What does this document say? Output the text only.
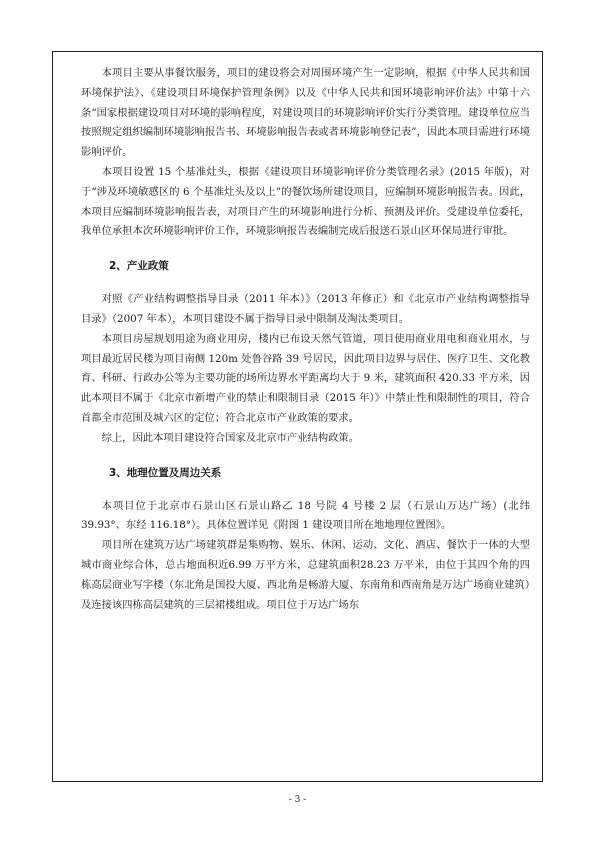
本项目主要从事餐饮服务，项目的建设将会对周围环境产生一定影响，根据《中华人民共和国环境保护法》、《建设项目环境保护管理条例》以及《中华人民共和国环境影响评价法》中第十六条“国家根据建设项目对环境的影响程度，对建设项目的环境影响评价实行分类管理。建设单位应当按照规定组织编制环境影响报告书、环境影响报告表或者环境影响登记表”，因此本项目需进行环境影响评价。

本项目设置 15 个基准灶头，根据《建设项目环境影响评价分类管理名录》(2015 年版)，对于“涉及环境敏感区的 6 个基准灶头及以上”的餐饮场所建设项目，应编制环境影响报告表。因此，本项目应编制环境影响报告表，对项目产生的环境影响进行分析、预测及评价。受建设单位委托，我单位承担本次环境影响评价工作，环境影响报告表编制完成后报送石景山区环保局进行审批。

2、产业政策

对照《产业结构调整指导目录（2011 年本）》（2013 年修正）和《北京市产业结构调整指导目录》（2007 年本），本项目建设不属于指导目录中限制及淘汰类项目。

本项目房屋规划用途为商业用房，楼内已布设天然气管道，项目使用商业用电和商业用水，与项目最近居民楼为项目南侧 120m 处鲁谷路 39 号居民，因此项目边界与居住、医疗卫生、文化教育、科研、行政办公等为主要功能的场所边界水平距离均大于 9 米，建筑面积 420.33 平方米，因此本项目不属于《北京市新增产业的禁止和限制目录（2015 年）》中禁止性和限制性的项目，符合首都全市范围及城六区的定位；符合北京市产业政策的要求。

综上，因此本项目建设符合国家及北京市产业结构政策。

3、地理位置及周边关系

本项目位于北京市石景山区石景山路乙 18 号院 4 号楼 2 层（石景山万达广场）(北纬 39.93°、东经 116.18°）。具体位置详见《附图 1 建设项目所在地地理位置图》。

项目所在建筑万达广场建筑群是集购物、娱乐、休闲、运动、文化、酒店、餐饮于一体的大型城市商业综合体，总占地面积近6.99 万平方米，总建筑面积28.23 万平米，由位于其四个角的四栋高层商业写字楼（东北角是国投大厦、西北角是畅游大厦、东南角和西南角是万达广场商业建筑）及连接该四栋高层建筑的三层裙楼组成。项目位于万达广场东

- 3 -
